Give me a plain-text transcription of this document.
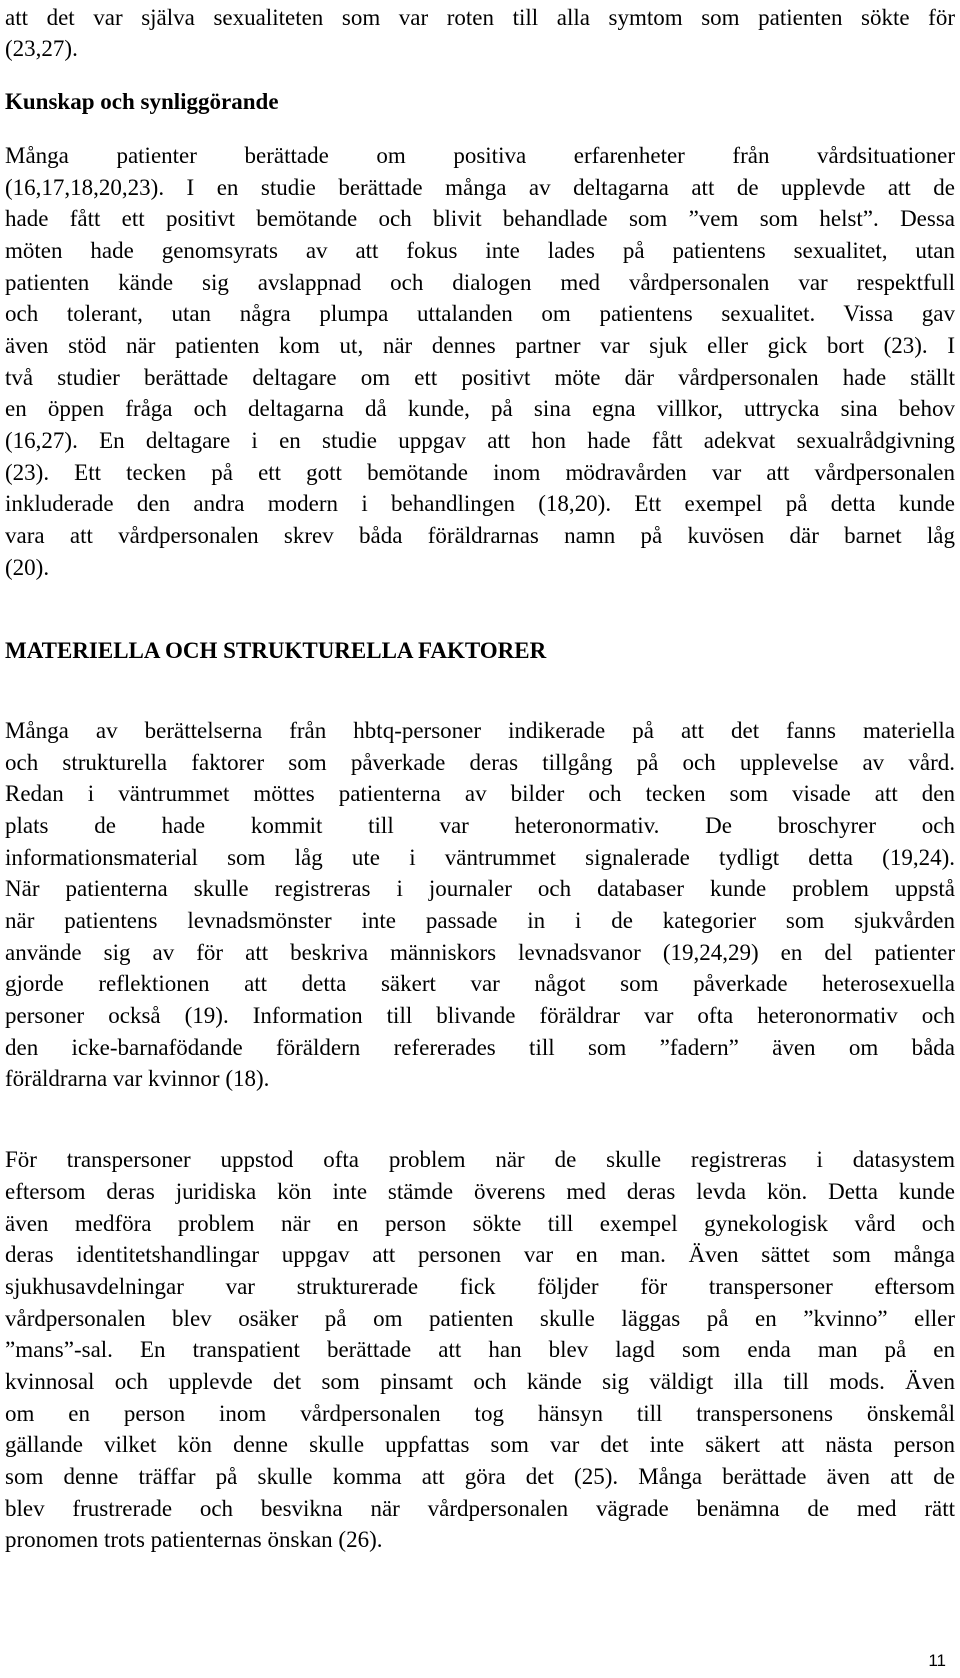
att det var själva sexualiteten som var roten till alla symtom som patienten sökte för

(23,27).

Kunskap och synliggörande

Många patienter berättade om positiva erfarenheter från vårdsituationer

(16,17,18,20,23). I en studie berättade många av deltagarna att de upplevde att de

hade fått ett positivt bemötande och blivit behandlade som ”vem som helst”. Dessa

möten hade genomsyrats av att fokus inte lades på patientens sexualitet, utan

patienten kände sig avslappnad och dialogen med vårdpersonalen var respektfull

och tolerant, utan några plumpa uttalanden om patientens sexualitet. Vissa gav

även stöd när patienten kom ut, när dennes partner var sjuk eller gick bort (23). I

två studier berättade deltagare om ett positivt möte där vårdpersonalen hade ställt

en öppen fråga och deltagarna då kunde, på sina egna villkor, uttrycka sina behov

(16,27). En deltagare i en studie uppgav att hon hade fått adekvat sexualrådgivning

(23). Ett tecken på ett gott bemötande inom mödravården var att vårdpersonalen

inkluderade den andra modern i behandlingen (18,20). Ett exempel på detta kunde

vara att vårdpersonalen skrev båda föräldrarnas namn på kuvösen där barnet låg

(20).

MATERIELLA OCH STRUKTURELLA FAKTORER

Många av berättelserna från hbtq-personer indikerade på att det fanns materiella

och strukturella faktorer som påverkade deras tillgång på och upplevelse av vård.

Redan i väntrummet möttes patienterna av bilder och tecken som visade att den

plats de hade kommit till var heteronormativ. De broschyrer och

informationsmaterial som låg ute i väntrummet signalerade tydligt detta (19,24).

När patienterna skulle registreras i journaler och databaser kunde problem uppstå

när patientens levnadsmönster inte passade in i de kategorier som sjukvården

använde sig av för att beskriva människors levnadsvanor (19,24,29) en del patienter

gjorde reflektionen att detta säkert var något som påverkade heterosexuella

personer också (19). Information till blivande föräldrar var ofta heteronormativ och

den icke-barnafödande föräldern refererades till som ”fadern” även om båda

föräldrarna var kvinnor (18).

För transpersoner uppstod ofta problem när de skulle registreras i datasystem

eftersom deras juridiska kön inte stämde överens med deras levda kön. Detta kunde

även medföra problem när en person sökte till exempel gynekologisk vård och

deras identitetshandlingar uppgav att personen var en man. Även sättet som många

sjukhusavdelningar var strukturerade fick följder för transpersoner eftersom

vårdpersonalen blev osäker på om patienten skulle läggas på en ”kvinno” eller

”mans”-sal. En transpatient berättade att han blev lagd som enda man på en

kvinnosal och upplevde det som pinsamt och kände sig väldigt illa till mods. Även

om en person inom vårdpersonalen tog hänsyn till transpersonens önskemål

gällande vilket kön denne skulle uppfattas som var det inte säkert att nästa person

som denne träffar på skulle komma att göra det (25). Många berättade även att de

blev frustrerade och besvikna när vårdpersonalen vägrade benämna de med rätt

pronomen trots patienternas önskan (26).

11
